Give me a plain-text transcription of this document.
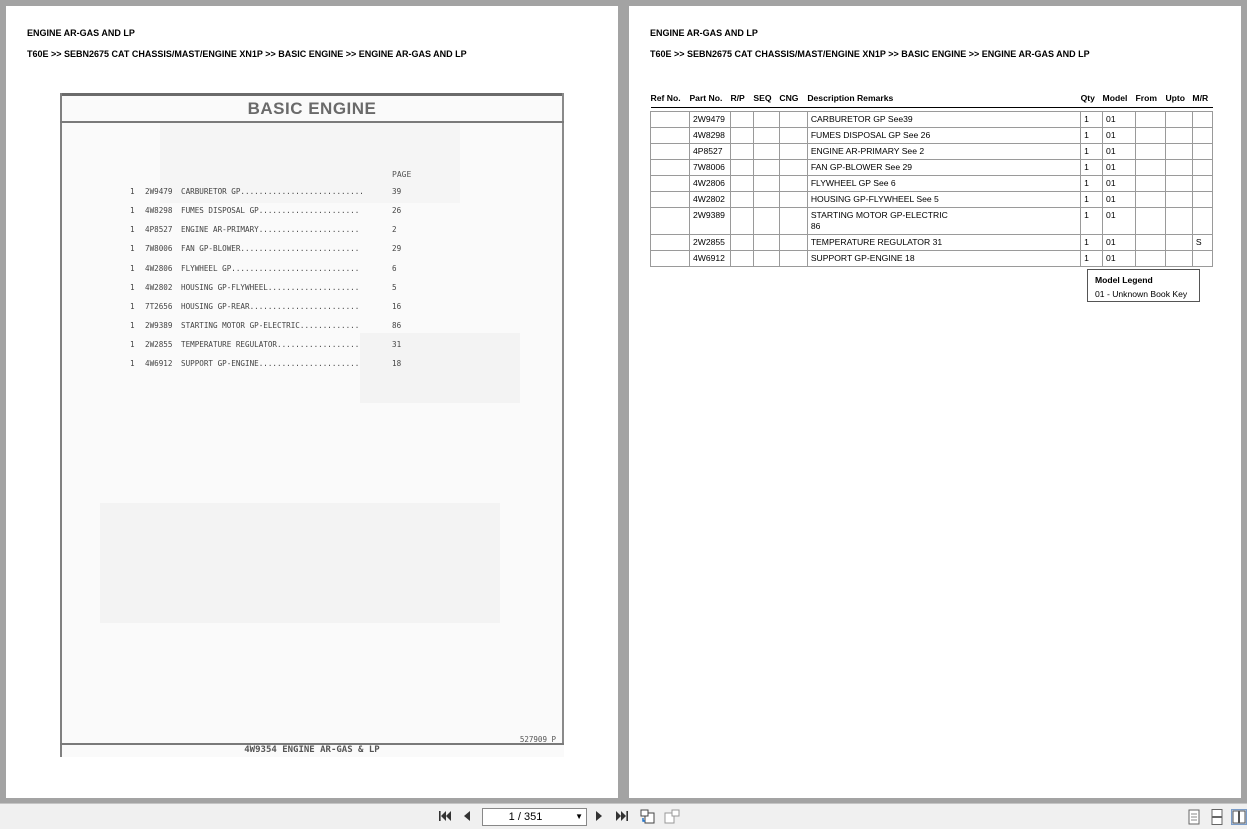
ENGINE AR-GAS AND LP
T60E >> SEBN2675 CAT CHASSIS/MAST/ENGINE XN1P >> BASIC ENGINE >> ENGINE AR-GAS AND LP
BASIC ENGINE
PAGE
1 2W9479 CARBURETOR GP...........................	39
1 4W8298 FUMES DISPOSAL GP......................	26
1 4P8527 ENGINE AR-PRIMARY......................	2
1 7W8006 FAN GP-BLOWER..........................	29
1 4W2806 FLYWHEEL GP............................	6
1 4W2802 HOUSING GP-FLYWHEEL....................	5
1 7T2656 HOUSING GP-REAR........................	16
1 2W9389 STARTING MOTOR GP-ELECTRIC.............	86
1 2W2855 TEMPERATURE REGULATOR..................	31
1 4W6912 SUPPORT GP-ENGINE......................	18
527909 P
4W9354 ENGINE AR-GAS & LP
ENGINE AR-GAS AND LP
T60E >> SEBN2675 CAT CHASSIS/MAST/ENGINE XN1P >> BASIC ENGINE >> ENGINE AR-GAS AND LP
Ref No.	Part No.	R/P	SEQ	CNG	Description Remarks	Qty	Model	From	Upto	M/R

	2W9479				CARBURETOR GP See39	1	01			
	4W8298				FUMES DISPOSAL GP See 26	1	01			
	4P8527				ENGINE AR-PRIMARY See 2	1	01			
	7W8006				FAN GP-BLOWER See 29	1	01			
	4W2806				FLYWHEEL GP See 6	1	01			
	4W2802				HOUSING GP-FLYWHEEL See 5	1	01			
	2W9389				STARTING MOTOR GP-ELECTRIC
86	1	01			
	2W2855				TEMPERATURE REGULATOR 31	1	01			S
	4W6912				SUPPORT GP-ENGINE 18	1	01			
Model Legend
01 - Unknown Book Key
1 / 351	▼
